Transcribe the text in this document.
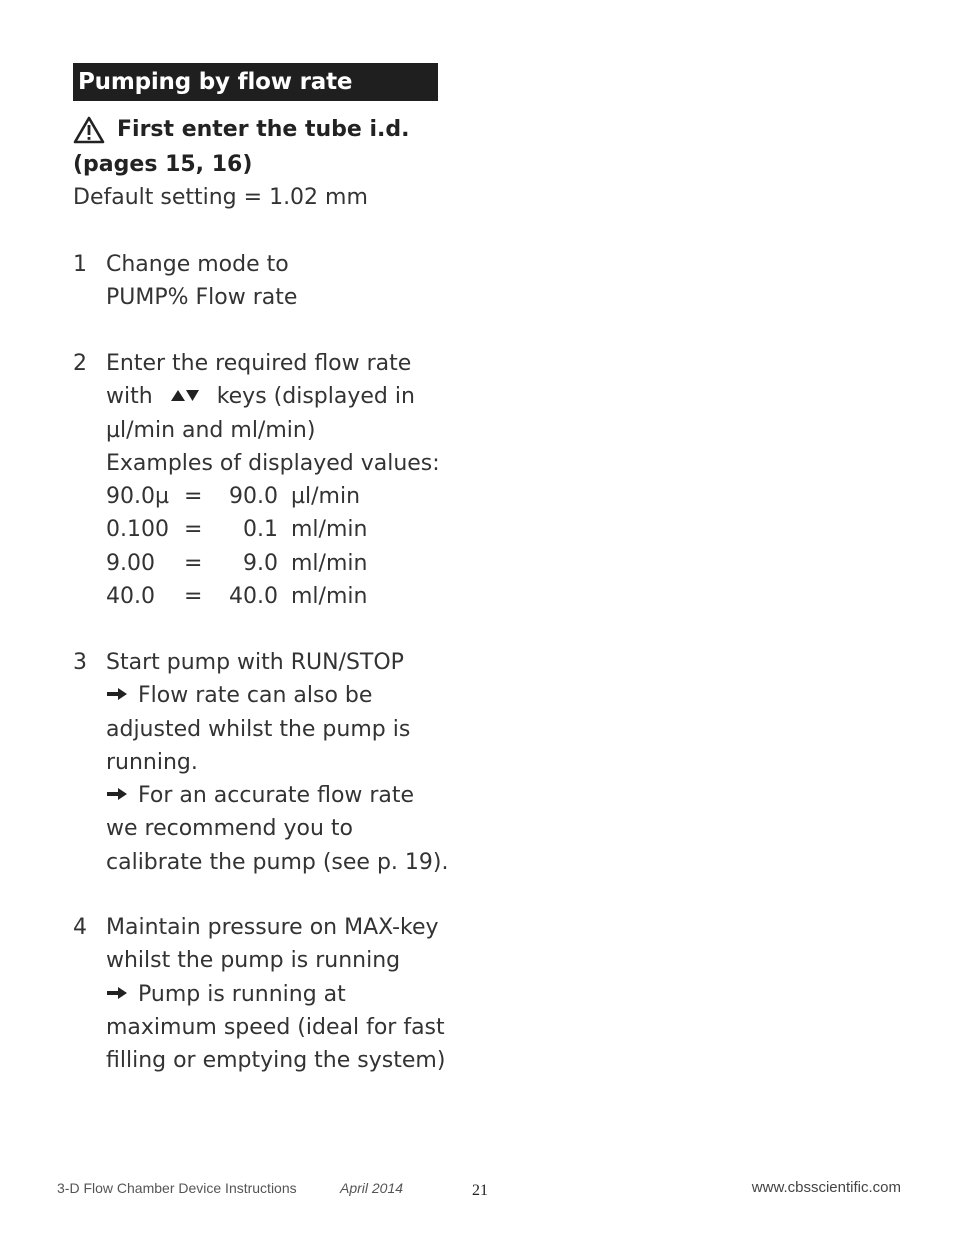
Pumping by flow rate
First enter the tube i.d.
(pages 15, 16)
Default setting = 1.02 mm
1 Change mode to
PUMP% Flow rate
2 Enter the required flow rate
with	keys (displayed in
µl/min and ml/min)
Examples of displayed values:
90.0µ =	90.0 µl/min
0.100 =	0.1 ml/min
9.00	=	9.0 ml/min
40.0	=	40.0 ml/min
3 Start pump with RUN/STOP
Flow rate can also be
adjusted whilst the pump is
running.
For an accurate flow rate
we recommend you to
calibrate the pump (see p. 19).
4 Maintain pressure on MAX-key
whilst the pump is running
Pump is running at
maximum speed (ideal for fast
filling or emptying the system)
3-D Flow Chamber Device Instructions	April 2014	21	www.cbsscientific.com
